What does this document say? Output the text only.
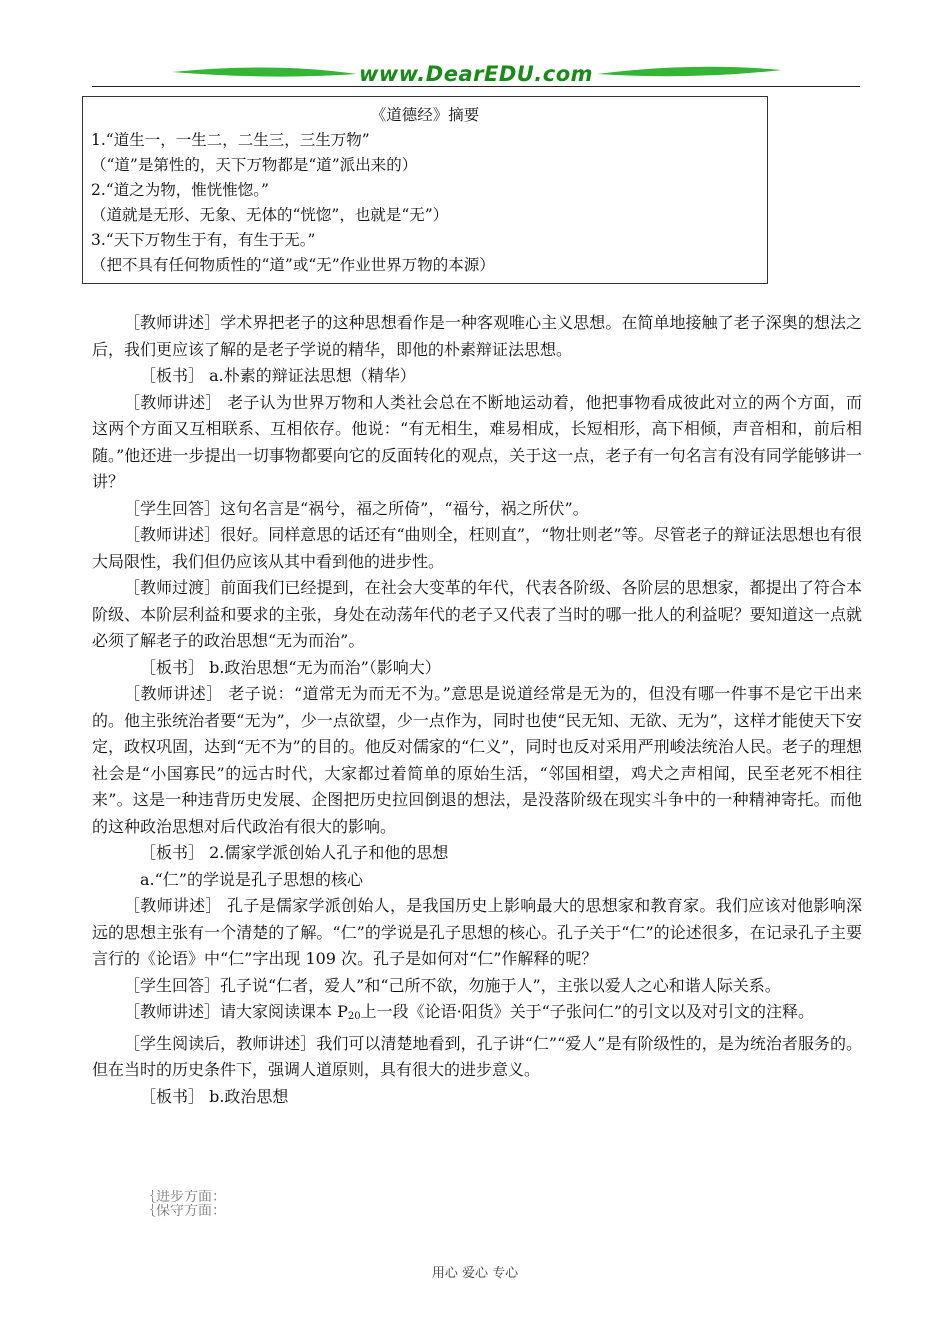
www.DearEDU.com
《道德经》摘要
1.“道生一，一生二，二生三，三生万物”
（“道”是第性的，天下万物都是“道”派出来的）
2.“道之为物，惟恍惟惚。”
（道就是无形、无象、无体的“恍惚”，也就是“无”）
3.“天下万物生于有，有生于无。”
（把不具有任何物质性的“道”或“无”作业世界万物的本源）

［教师讲述］学术界把老子的这种思想看作是一种客观唯心主义思想。在简单地接触了老子深奥的想法之后，我们更应该了解的是老子学说的精华，即他的朴素辩证法思想。

［板书］ a.朴素的辩证法思想（精华）

［教师讲述］ 老子认为世界万物和人类社会总在不断地运动着，他把事物看成彼此对立的两个方面，而这两个方面又互相联系、互相依存。他说：“有无相生，难易相成，长短相形，高下相倾，声音相和，前后相随。”他还进一步提出一切事物都要向它的反面转化的观点，关于这一点，老子有一句名言有没有同学能够讲一讲？

［学生回答］这句名言是“祸兮，福之所倚”，“福兮，祸之所伏”。

［教师讲述］很好。同样意思的话还有“曲则全，枉则直”，“物壮则老”等。尽管老子的辩证法思想也有很大局限性，我们但仍应该从其中看到他的进步性。

［教师过渡］前面我们已经提到，在社会大变革的年代，代表各阶级、各阶层的思想家，都提出了符合本阶级、本阶层利益和要求的主张，身处在动荡年代的老子又代表了当时的哪一批人的利益呢？要知道这一点就必须了解老子的政治思想“无为而治”。

［板书］ b.政治思想“无为而治”（影响大）

［教师讲述］ 老子说：“道常无为而无不为。”意思是说道经常是无为的，但没有哪一件事不是它干出来的。他主张统治者要“无为”，少一点欲望，少一点作为，同时也使“民无知、无欲、无为”，这样才能使天下安定，政权巩固，达到“无不为”的目的。他反对儒家的“仁义”，同时也反对采用严刑峻法统治人民。老子的理想社会是“小国寡民”的远古时代，大家都过着简单的原始生活，“邻国相望，鸡犬之声相闻，民至老死不相往来”。这是一种违背历史发展、企图把历史拉回倒退的想法，是没落阶级在现实斗争中的一种精神寄托。而他的这种政治思想对后代政治有很大的影响。

［板书］ 2.儒家学派创始人孔子和他的思想

a.“仁”的学说是孔子思想的核心

［教师讲述］ 孔子是儒家学派创始人，是我国历史上影响最大的思想家和教育家。我们应该对他影响深远的思想主张有一个清楚的了解。“仁”的学说是孔子思想的核心。孔子关于“仁”的论述很多，在记录孔子主要言行的《论语》中“仁”字出现 109 次。孔子是如何对“仁”作解释的呢？

［学生回答］孔子说“仁者，爱人”和“己所不欲，勿施于人”，主张以爱人之心和谐人际关系。

［教师讲述］请大家阅读课本 $P_{20}$上一段《论语·阳货》关于“子张问仁”的引文以及对引文的注释。

［学生阅读后，教师讲述］我们可以清楚地看到，孔子讲“仁”“爱人”是有阶级性的，是为统治者服务的。但在当时的历史条件下，强调人道原则，具有很大的进步意义。

［板书］ b.政治思想

｛进步方面：
｛保守方面：
用心 爱心 专心
